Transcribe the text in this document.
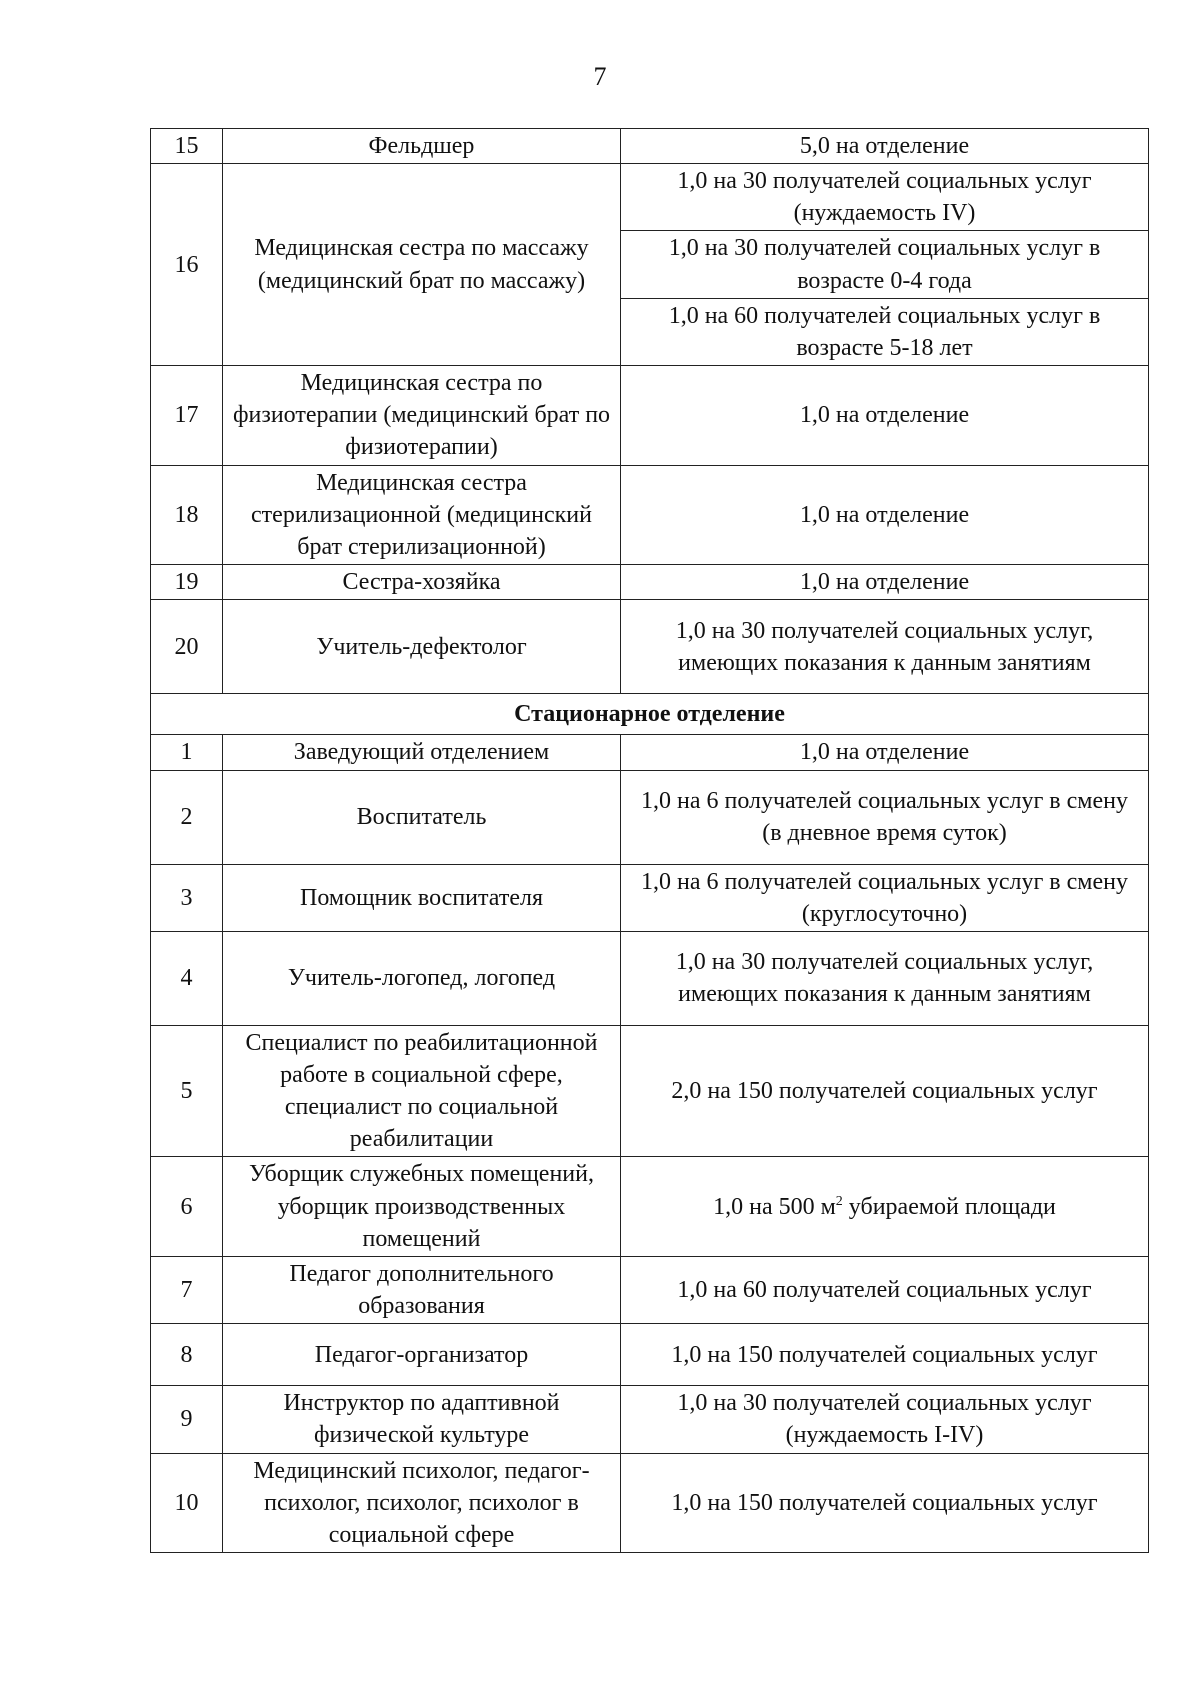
7
15	Фельдшер	5,0 на отделение
16	Медицинская сестра по массажу (медицинский брат по массажу)	1,0 на 30 получателей социальных услуг (нуждаемость IV)
		1,0 на 30 получателей социальных услуг в возрасте 0-4 года
		1,0 на 60 получателей социальных услуг в возрасте 5-18 лет
17	Медицинская сестра по физиотерапии (медицинский брат по физиотерапии)	1,0 на отделение
18	Медицинская сестра стерилизационной (медицинский брат стерилизационной)	1,0 на отделение
19	Сестра-хозяйка	1,0 на отделение
20	Учитель-дефектолог	1,0 на 30 получателей социальных услуг, имеющих показания к данным занятиям
Стационарное отделение		
1	Заведующий отделением	1,0 на отделение
2	Воспитатель	1,0 на 6 получателей социальных услуг в смену (в дневное время суток)
3	Помощник воспитателя	1,0 на 6 получателей социальных услуг в смену (круглосуточно)
4	Учитель-логопед, логопед	1,0 на 30 получателей социальных услуг, имеющих показания к данным занятиям
5	Специалист по реабилитационной работе в социальной сфере, специалист по социальной реабилитации	2,0 на 150 получателей социальных услуг
6	Уборщик служебных помещений, уборщик производственных помещений	1,0 на 500 $м^2$ убираемой площади
7	Педагог дополнительного образования	1,0 на 60 получателей социальных услуг
8	Педагог-организатор	1,0 на 150 получателей социальных услуг
9	Инструктор по адаптивной физической культуре	1,0 на 30 получателей социальных услуг (нуждаемость I-IV)
10	Медицинский психолог, педагог-психолог, психолог, психолог в социальной сфере	1,0 на 150 получателей социальных услуг
